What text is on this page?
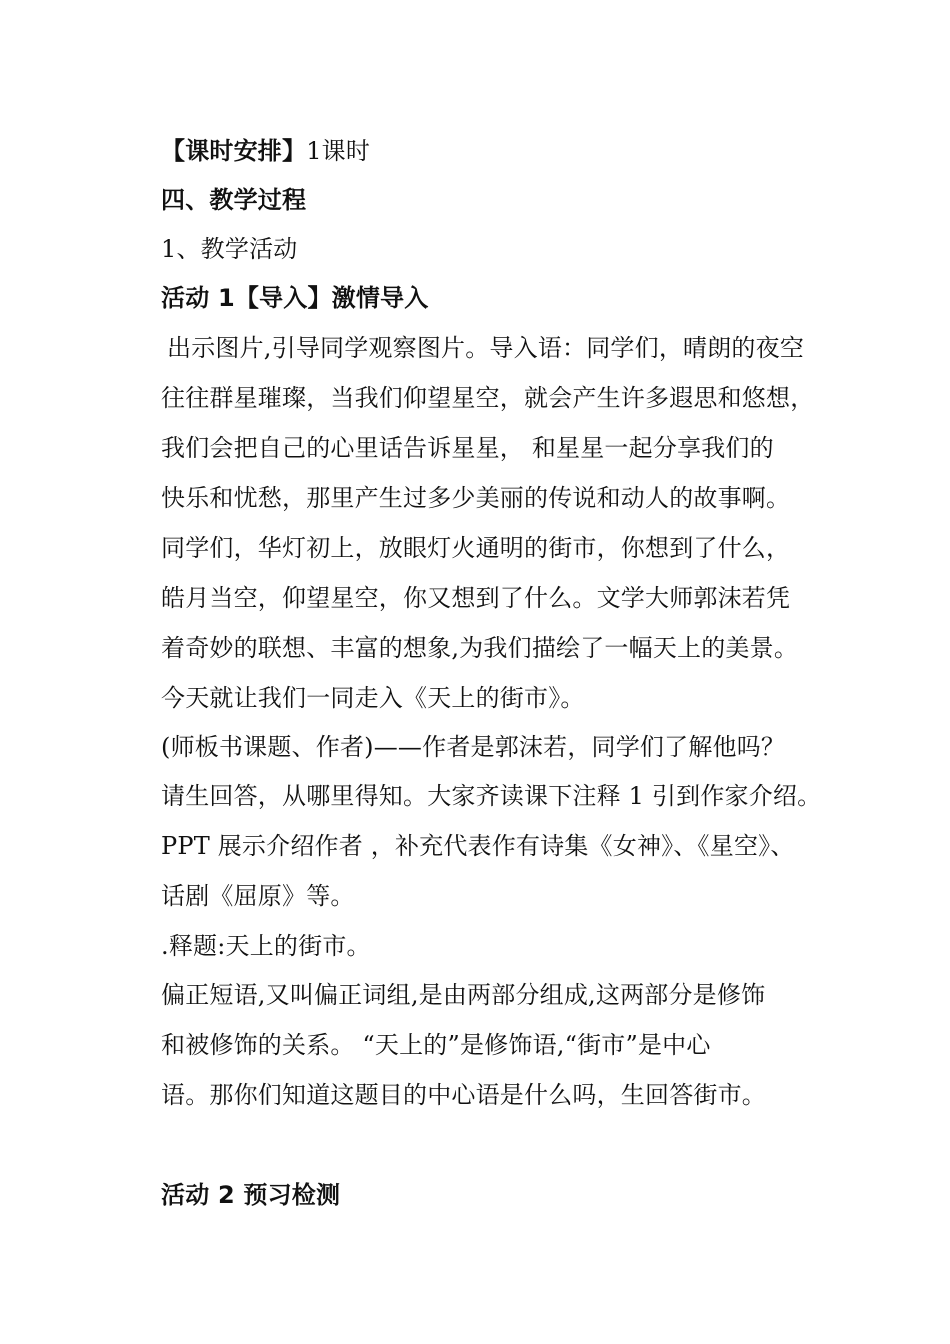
【课时安排】1课时
四、教学过程
1、教学活动
活动 1【导入】激情导入
出示图片,引导同学观察图片。导入语：同学们，晴朗的夜空
往往群星璀璨，当我们仰望星空，就会产生许多遐思和悠想，
我们会把自己的心里话告诉星星， 和星星一起分享我们的
快乐和忧愁，那里产生过多少美丽的传说和动人的故事啊。
同学们，华灯初上，放眼灯火通明的街市，你想到了什么，
皓月当空，仰望星空，你又想到了什么。文学大师郭沫若凭
着奇妙的联想、丰富的想象,为我们描绘了一幅天上的美景。
今天就让我们一同走入《天上的街市》。
(师板书课题、作者)——作者是郭沫若，同学们了解他吗？
请生回答，从哪里得知。大家齐读课下注释 1 引到作家介绍。
PPT 展示介绍作者 ，补充代表作有诗集《女神》、《星空》、
话剧《屈原》等。
.释题:天上的街市。
偏正短语,又叫偏正词组,是由两部分组成,这两部分是修饰
和被修饰的关系。 “天上的”是修饰语,“街市”是中心
语。那你们知道这题目的中心语是什么吗，生回答街市。
活动 2 预习检测
